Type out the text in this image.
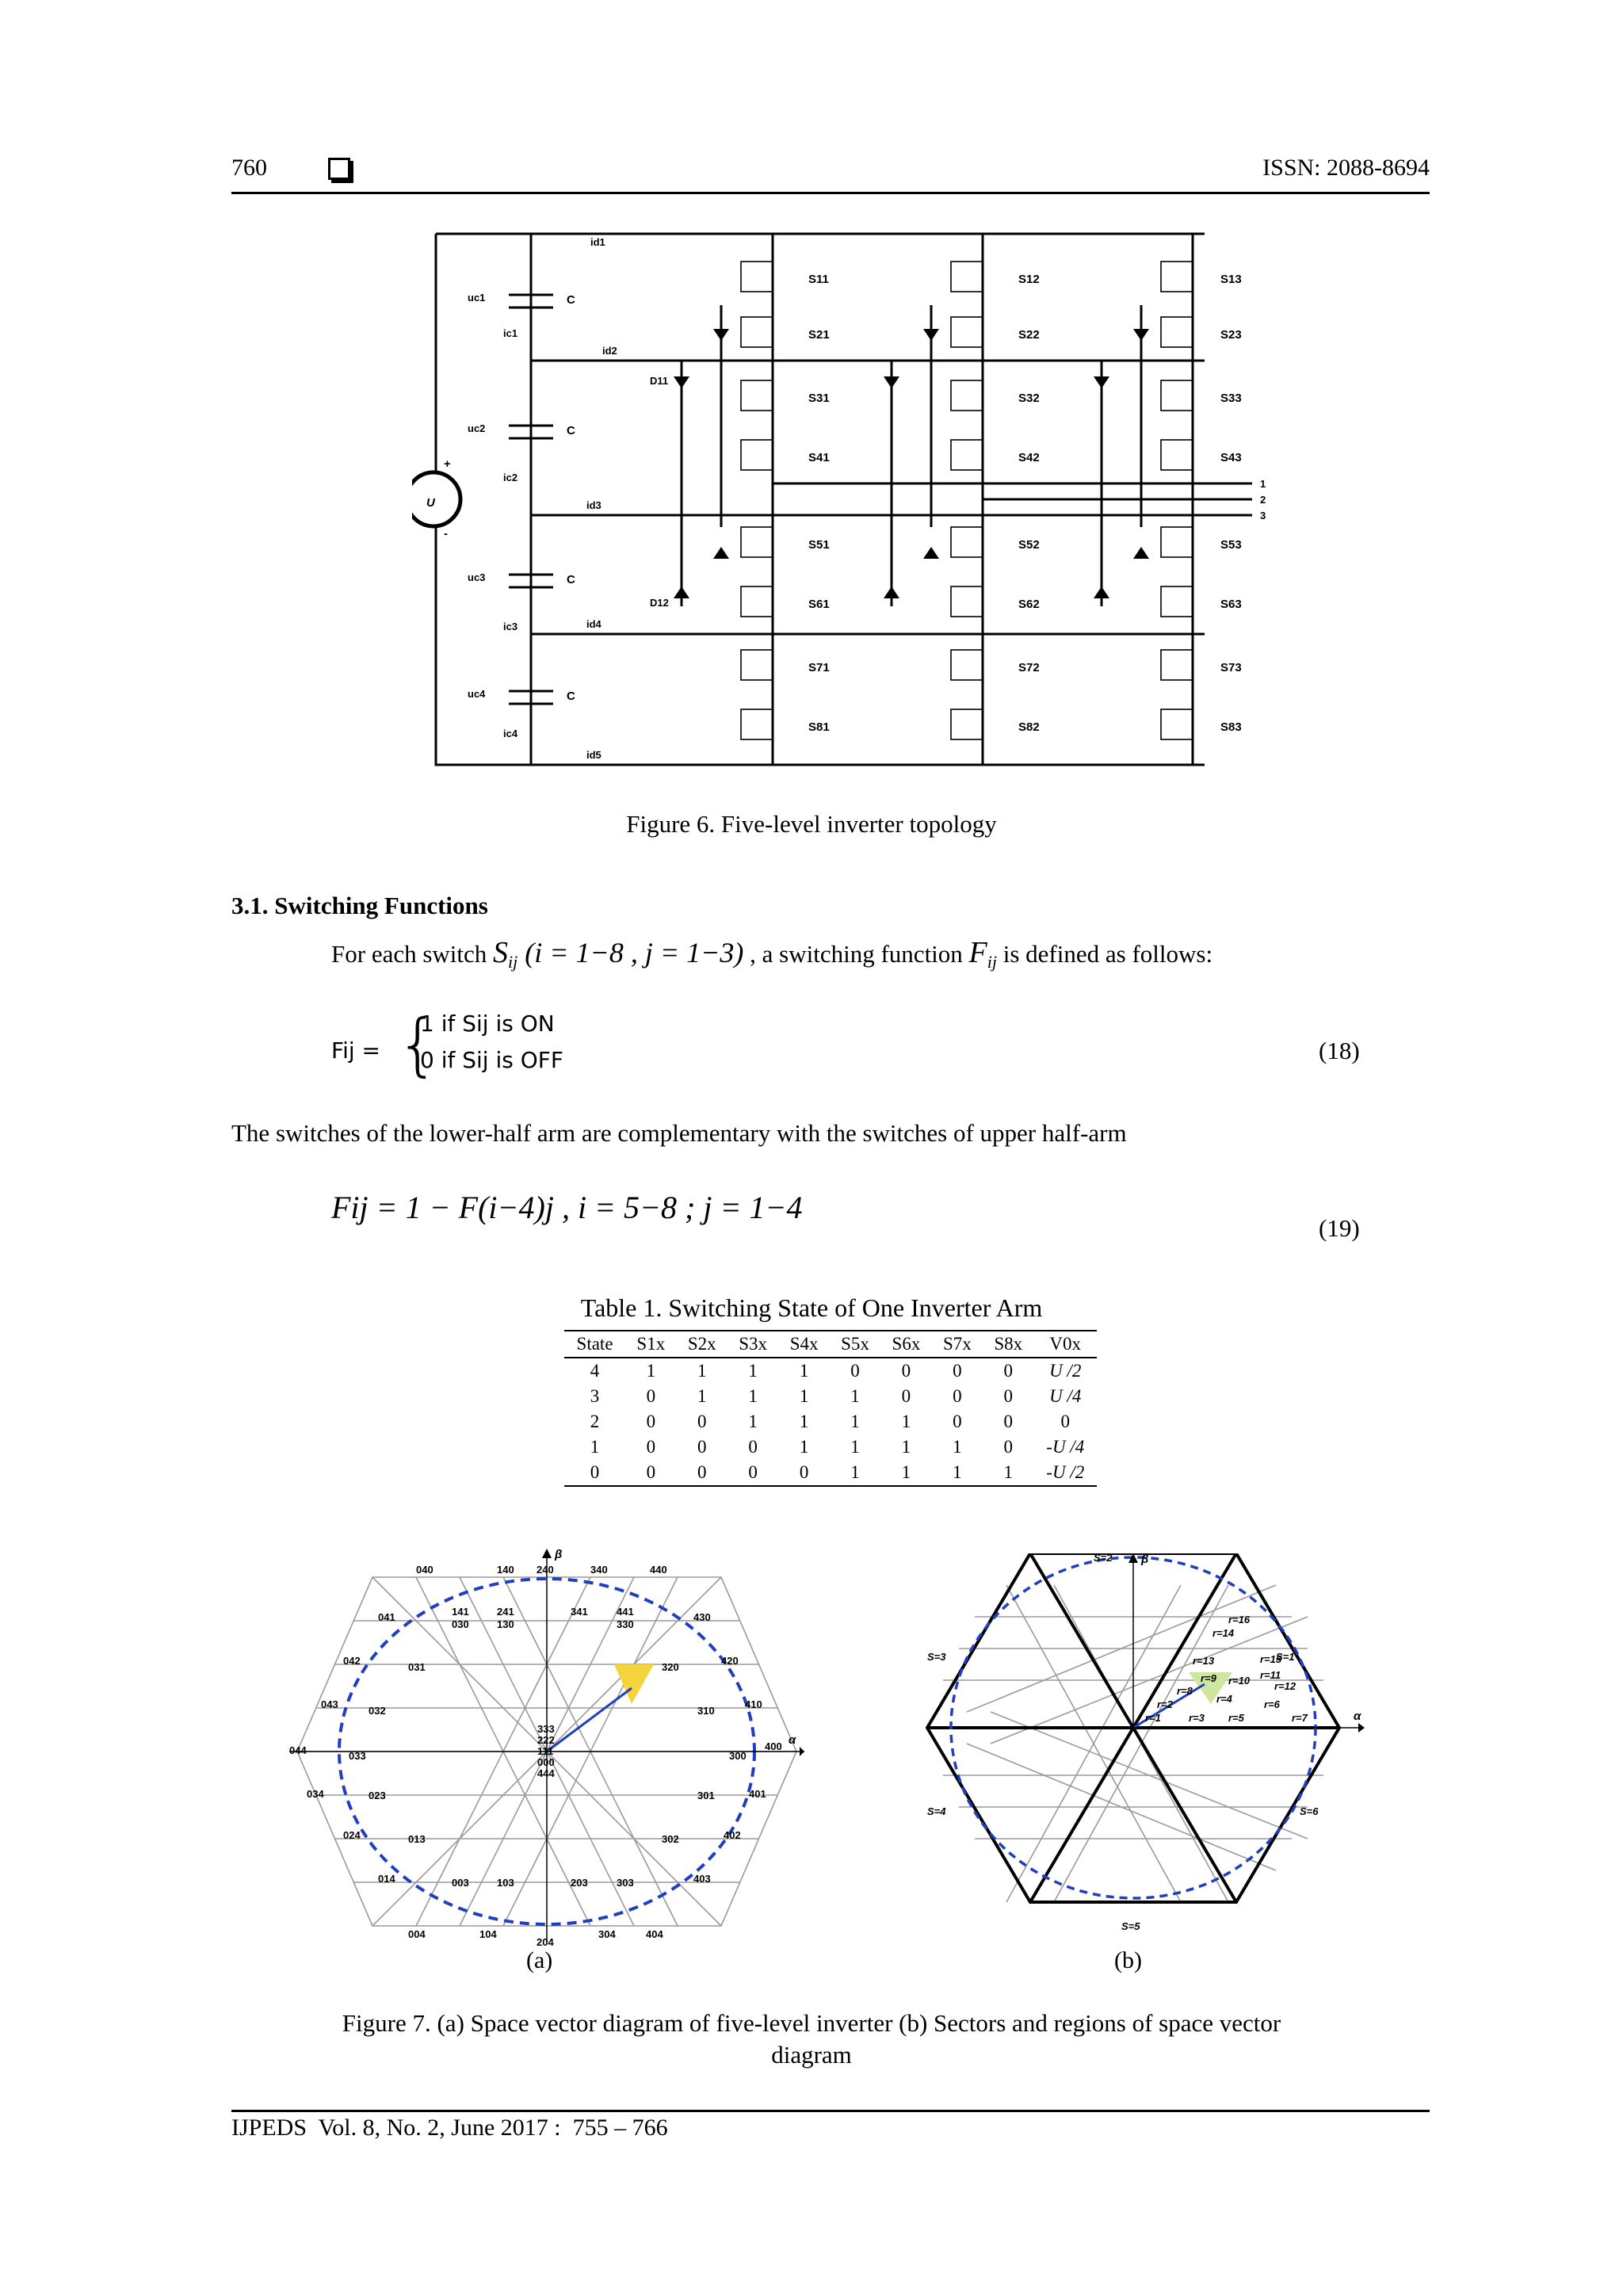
760	ISSN: 2088-8694
U
+
-
C
C
C
C
uc1
uc2
uc3
uc4
ic1
ic2
ic3
ic4
id1
id2
id3
id4
id5
S11
S21
S31
S41
S51
S61
S71
S81
D11
D12
S12
S22
S32
S42
S52
S62
S72
S82
S13
S23
S33
S43
S53
S63
S73
S83
1
2
3
Figure 6. Five-level inverter topology
3.1. Switching Functions
For each switch $S_{ij}$ (i = 1−8 , j = 1−3) , a switching function $F_{ij}$ is defined as follows:
Fij = {
1 if Sij is ON
0 if Sij is OFF	(18)
The switches of the lower-half arm are complementary with the switches of upper half-arm
Fij = 1 − F(i−4)j , i = 5−8 ; j = 1−4
(19)
Table 1. Switching State of One Inverter Arm
State	S1x	S2x	S3x	S4x	S5x	S6x	S7x	S8x	V0x
4	1	1	1	1	0	0	0	0	U /2
3	0	1	1	1	1	0	0	0	U /4
2	0	0	1	1	1	1	0	0	0
1	0	0	0	1	1	1	1	0	-U /4
0	0	0	0	0	1	1	1	1	-U /2
β
α
040	140 240	340	440
041	430
042	420
043	410
044	400
034	401
024	402
014	403
004	104
204
304	404
141	241	341	441
030	130	330
031	320
032	310
033	300
023	301
013	302
003	103	203	303
000
111
222
333
444
(a)
β
α
S=1
S=2
S=3
S=4
S=5
S=6
r=1
r=2
r=3
r=4
r=5
r=6
r=7
r=8
r=9 r=10 r=11
r=12
r=13
r=14
r=15
r=16
(b)
Figure 7. (a) Space vector diagram of five-level inverter (b) Sectors and regions of space vector
diagram
IJPEDS  Vol. 8, No. 2, June 2017 :  755 – 766
